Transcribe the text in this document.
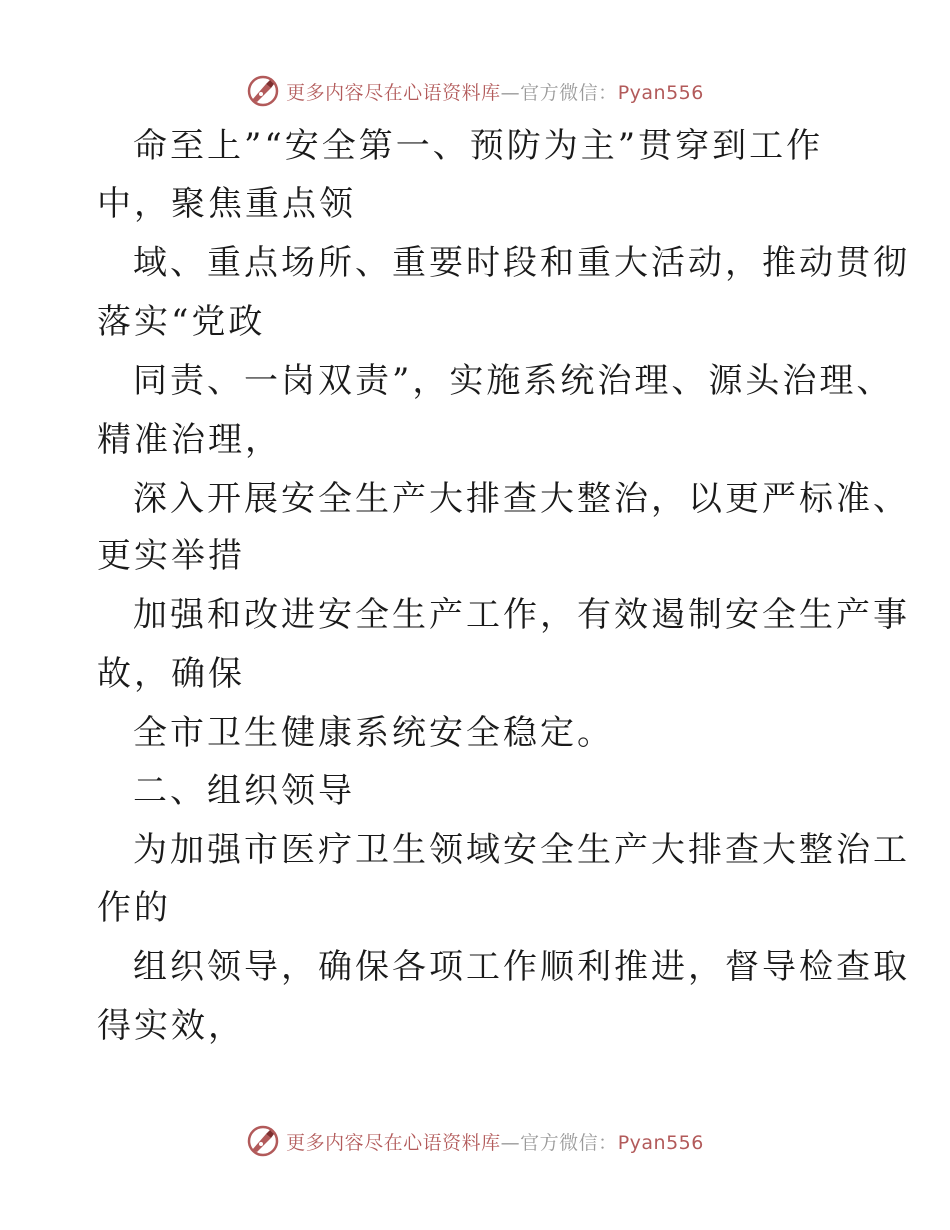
更多内容尽在心语资料库—官方微信：Pyan556
命至上”“安全第一、预防为主”贯穿到工作
中，聚焦重点领
域、重点场所、重要时段和重大活动，推动贯彻
落实“党政
同责、一岗双责”，实施系统治理、源头治理、
精准治理，
深入开展安全生产大排查大整治，以更严标准、
更实举措
加强和改进安全生产工作，有效遏制安全生产事
故，确保
全市卫生健康系统安全稳定。
二、组织领导
为加强市医疗卫生领域安全生产大排查大整治工
作的
组织领导，确保各项工作顺利推进，督导检查取
得实效，
更多内容尽在心语资料库—官方微信：Pyan556
